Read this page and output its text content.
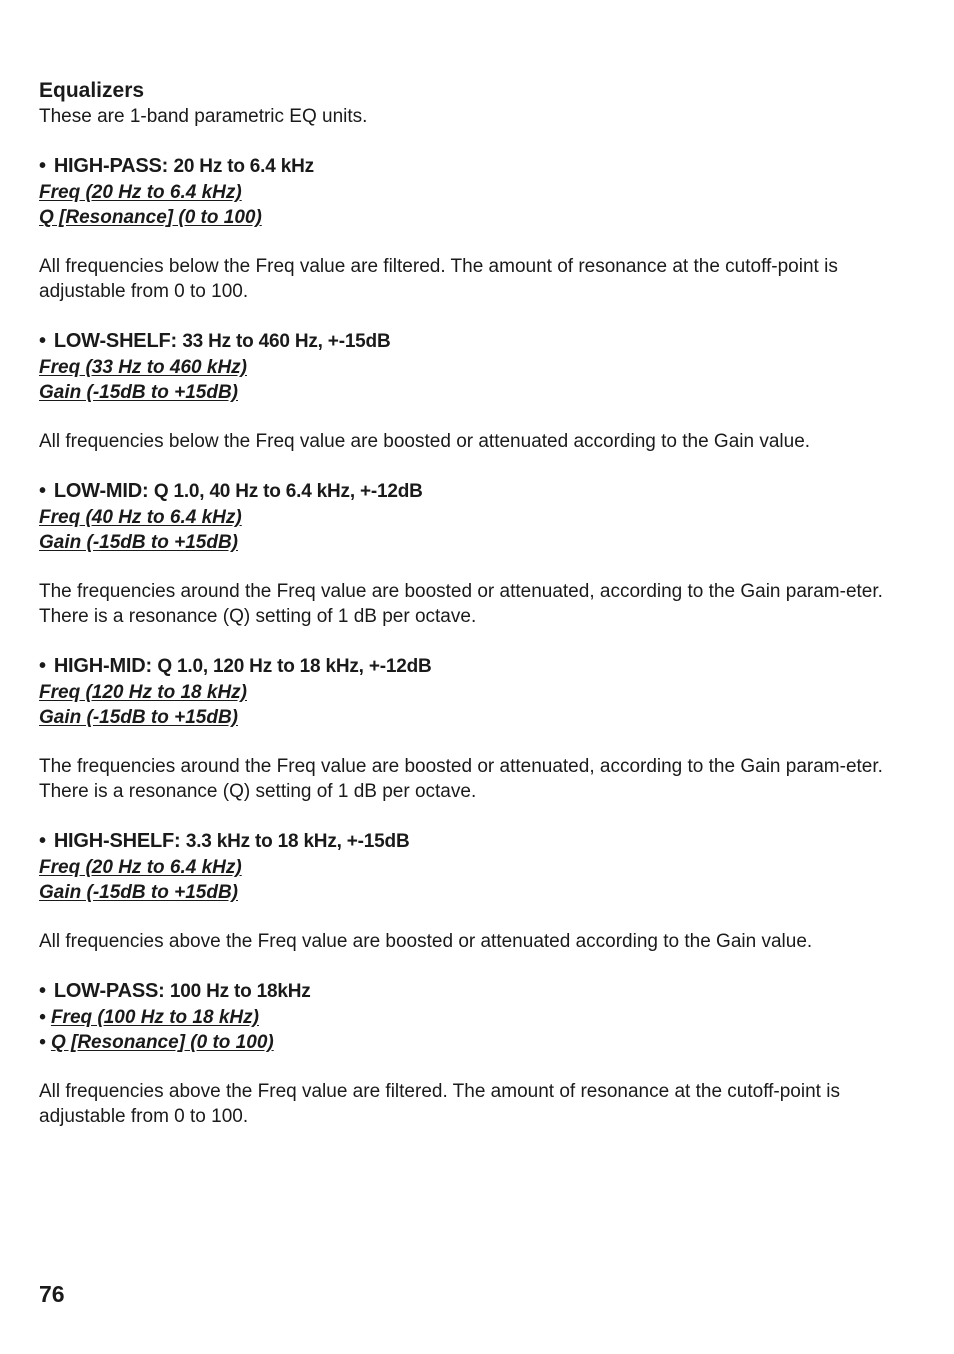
Equalizers

These are 1-band parametric EQ units.

• HIGH-PASS: 20 Hz to 6.4 kHz

Freq (20 Hz to 6.4 kHz)

Q [Resonance] (0 to 100)

All frequencies below the Freq value are filtered. The amount of resonance at the cutoff-point is adjustable from 0 to 100.

• LOW-SHELF: 33 Hz to 460 Hz, +-15dB

Freq (33 Hz to 460 kHz)

Gain (-15dB to +15dB)

All frequencies below the Freq value are boosted or attenuated according to the Gain value.

• LOW-MID: Q 1.0, 40 Hz to 6.4 kHz, +-12dB

Freq (40 Hz to 6.4 kHz)

Gain (-15dB to +15dB)

The frequencies around the Freq value are boosted or attenuated, according to the Gain param-eter. There is a resonance (Q) setting of 1 dB per octave.

• HIGH-MID: Q 1.0, 120 Hz to 18 kHz, +-12dB

Freq (120 Hz to 18 kHz)

Gain (-15dB to +15dB)

The frequencies around the Freq value are boosted or attenuated, according to the Gain param-eter. There is a resonance (Q) setting of 1 dB per octave.

• HIGH-SHELF: 3.3 kHz to 18 kHz, +-15dB

Freq (20 Hz to 6.4 kHz)

Gain (-15dB to +15dB)

All frequencies above the Freq value are boosted or attenuated according to the Gain value.

• LOW-PASS: 100 Hz to 18kHz

• Freq (100 Hz to 18 kHz)

• Q [Resonance] (0 to 100)

All frequencies above the Freq value are filtered. The amount of resonance at the cutoff-point is adjustable from 0 to 100.

76
